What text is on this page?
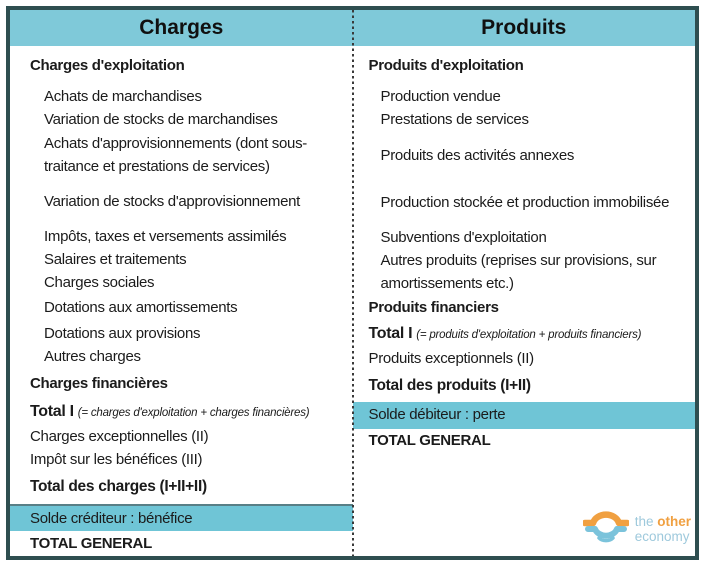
Charges	Produits
Charges d'exploitation
Achats de marchandises
Variation de stocks de marchandises
Achats d'approvisionnements (dont sous-traitance et prestations de services)
Variation de stocks d'approvisionnement
Impôts, taxes et versements assimilés
Salaires et traitements
Charges sociales
Dotations aux amortissements
Dotations aux provisions
Autres charges
Charges financières
Total I (= charges d'exploitation + charges financières)
Charges exceptionnelles (II)
Impôt sur les bénéfices (III)
Total des charges (I+II+II)
Solde créditeur : bénéfice
TOTAL GENERAL
Produits d'exploitation
Production vendue
Prestations de services
Produits des activités annexes
Production stockée et production immobilisée
Subventions d'exploitation
Autres produits (reprises sur provisions, sur amortissements etc.)
Produits financiers
Total I (= produits d'exploitation + produits financiers)
Produits exceptionnels (II)
Total des produits (I+II)
Solde débiteur : perte
TOTAL GENERAL
the other
economy
